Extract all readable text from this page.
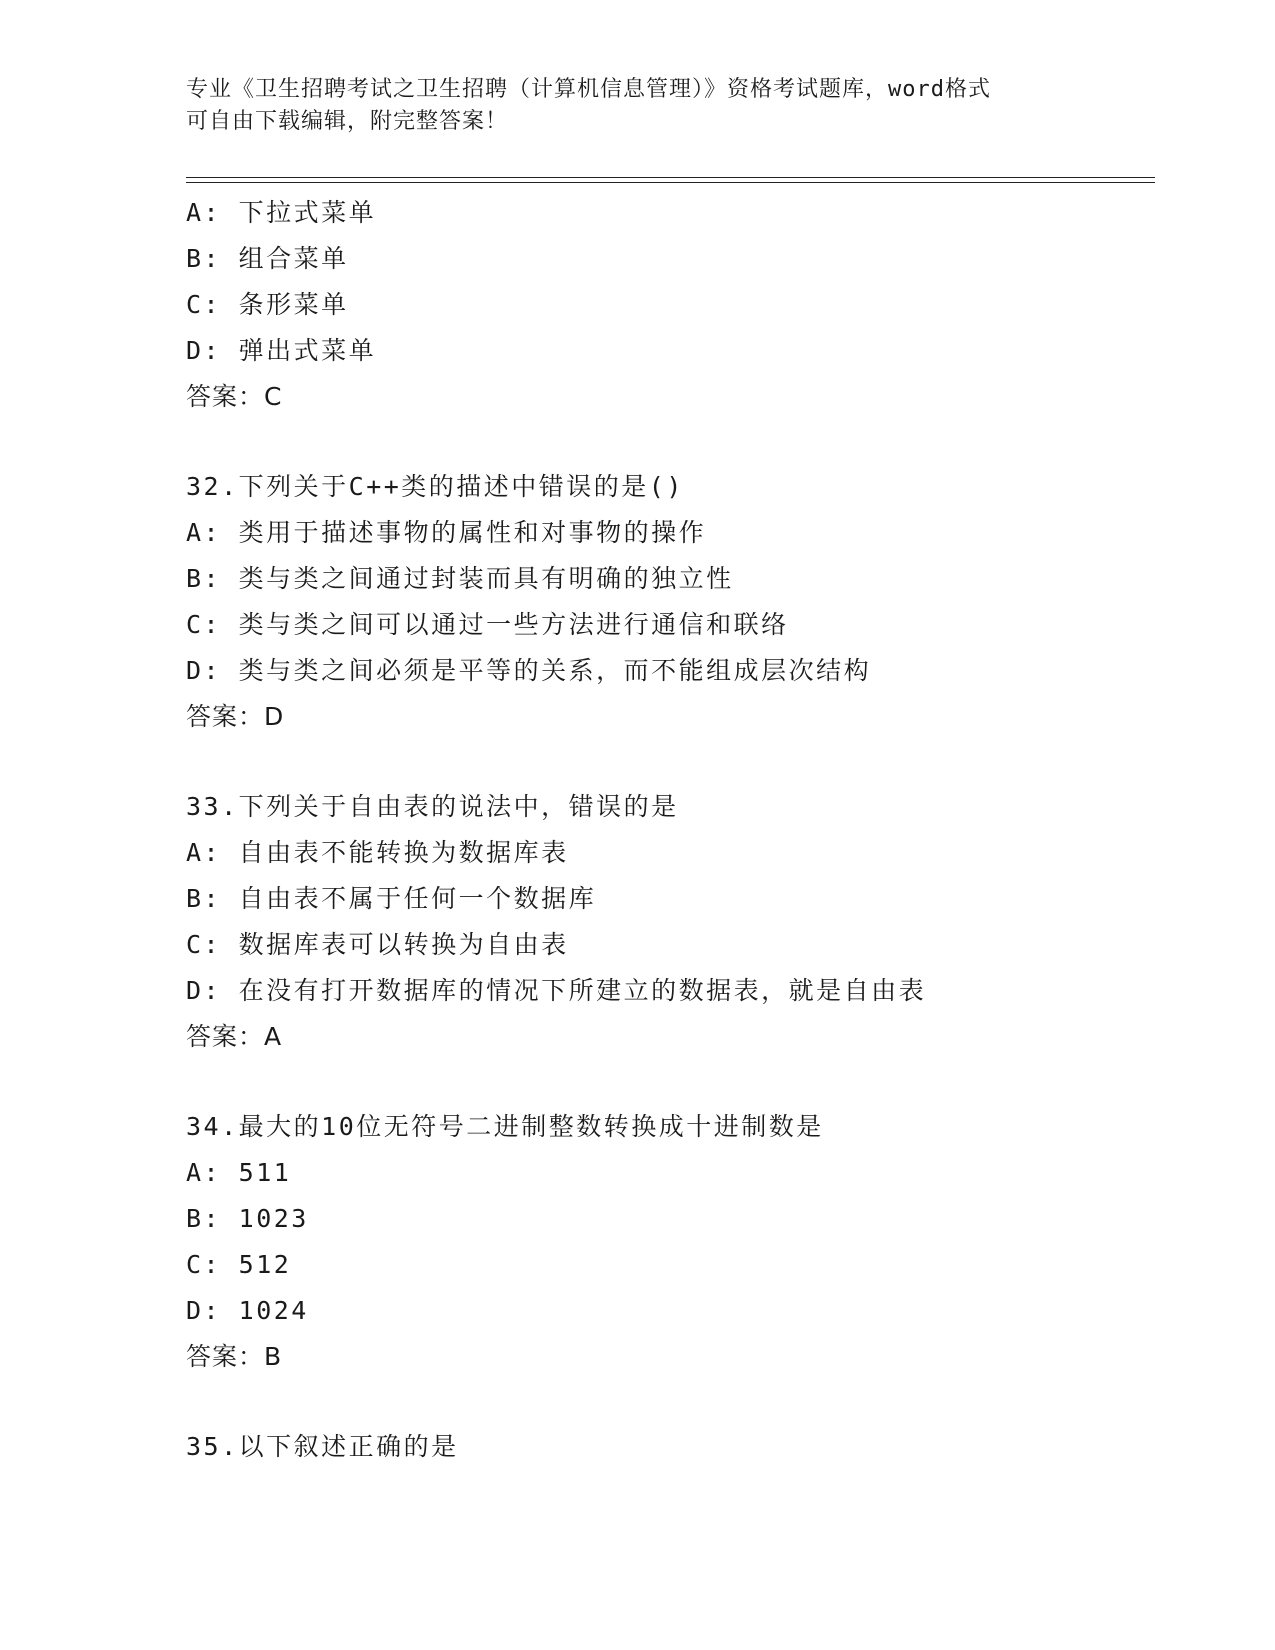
专业《卫生招聘考试之卫生招聘（计算机信息管理）》资格考试题库，word格式
可自由下载编辑，附完整答案！
A: 下拉式菜单
B: 组合菜单
C: 条形菜单
D: 弹出式菜单
答案：C
32.下列关于C++类的描述中错误的是()
A: 类用于描述事物的属性和对事物的操作
B: 类与类之间通过封装而具有明确的独立性
C: 类与类之间可以通过一些方法进行通信和联络
D: 类与类之间必须是平等的关系，而不能组成层次结构
答案：D
33.下列关于自由表的说法中，错误的是
A: 自由表不能转换为数据库表
B: 自由表不属于任何一个数据库
C: 数据库表可以转换为自由表
D: 在没有打开数据库的情况下所建立的数据表，就是自由表
答案：A
34.最大的10位无符号二进制整数转换成十进制数是
A: 511
B: 1023
C: 512
D: 1024
答案：B
35.以下叙述正确的是
